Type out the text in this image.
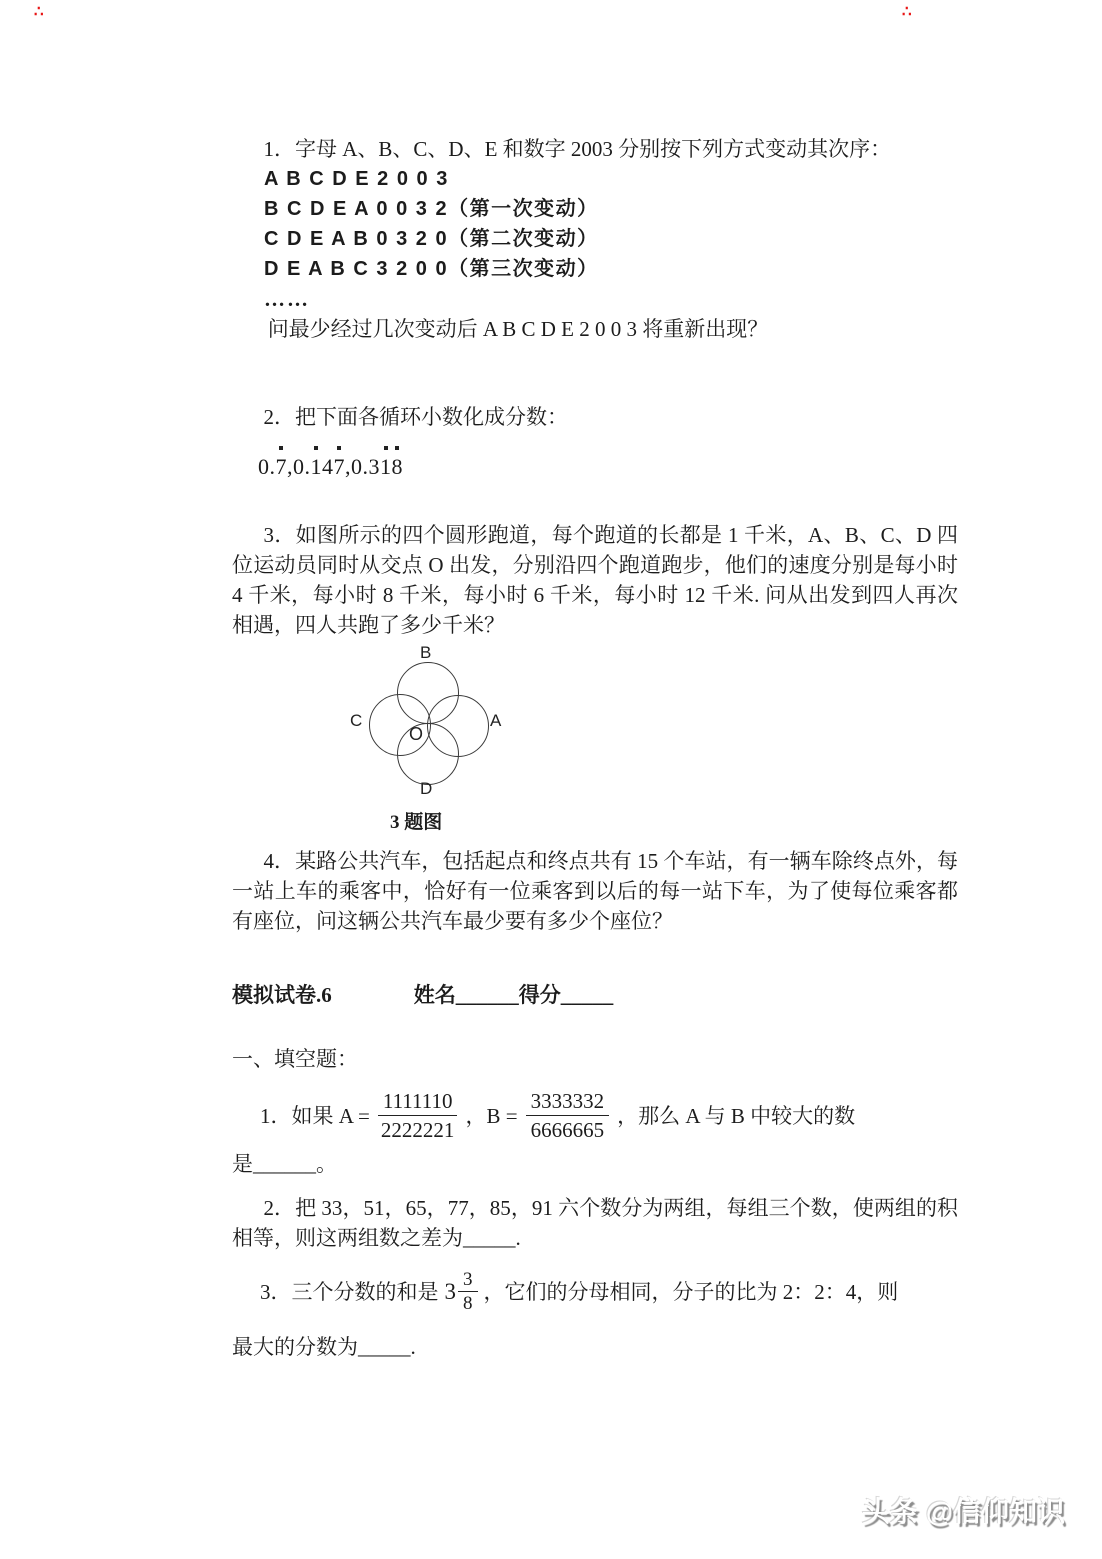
∴	∴
1．字母 A、B、C、D、E 和数字 2003 分别按下列方式变动其次序：
A B C D E 2 0 0 3
B C D E A 0 0 3 2（第一次变动）
C D E A B 0 3 2 0（第二次变动）
D E A B C 3 2 0 0（第三次变动）
……
问最少经过几次变动后 A B C D E 2 0 0 3 将重新出现？
2．把下面各循环小数化成分数：
0.7,0.147,0.318
3．如图所示的四个圆形跑道，每个跑道的长都是 1 千米，A、B、C、D 四位运动员同时从交点 O 出发，分别沿四个跑道跑步，他们的速度分别是每小时 4 千米，每小时 8 千米，每小时 6 千米，每小时 12 千米. 问从出发到四人再次相遇，四人共跑了多少千米？
B
A
C
D
O
3 题图
4．某路公共汽车，包括起点和终点共有 15 个车站，有一辆车除终点外，每一站上车的乘客中，恰好有一位乘客到以后的每一站下车，为了使每位乘客都有座位，问这辆公共汽车最少要有多少个座位？
模拟试卷.6	姓名______得分_____
一、填空题：
1．如果 $A = \frac{1111110}{2222221}$ ，$B = \frac{3333332}{6666665}$ ，那么 A 与 B 中较大的数
是______。
2．把 33，51，65，77，85，91 六个数分为两组，每组三个数，使两组的积相等，则这两组数之差为_____.
3．三个分数的和是 $3 \frac{3}{8}$ ，它们的分母相同，分子的比为 2：2：4，则
最大的分数为_____.
头条 @信仰知识
